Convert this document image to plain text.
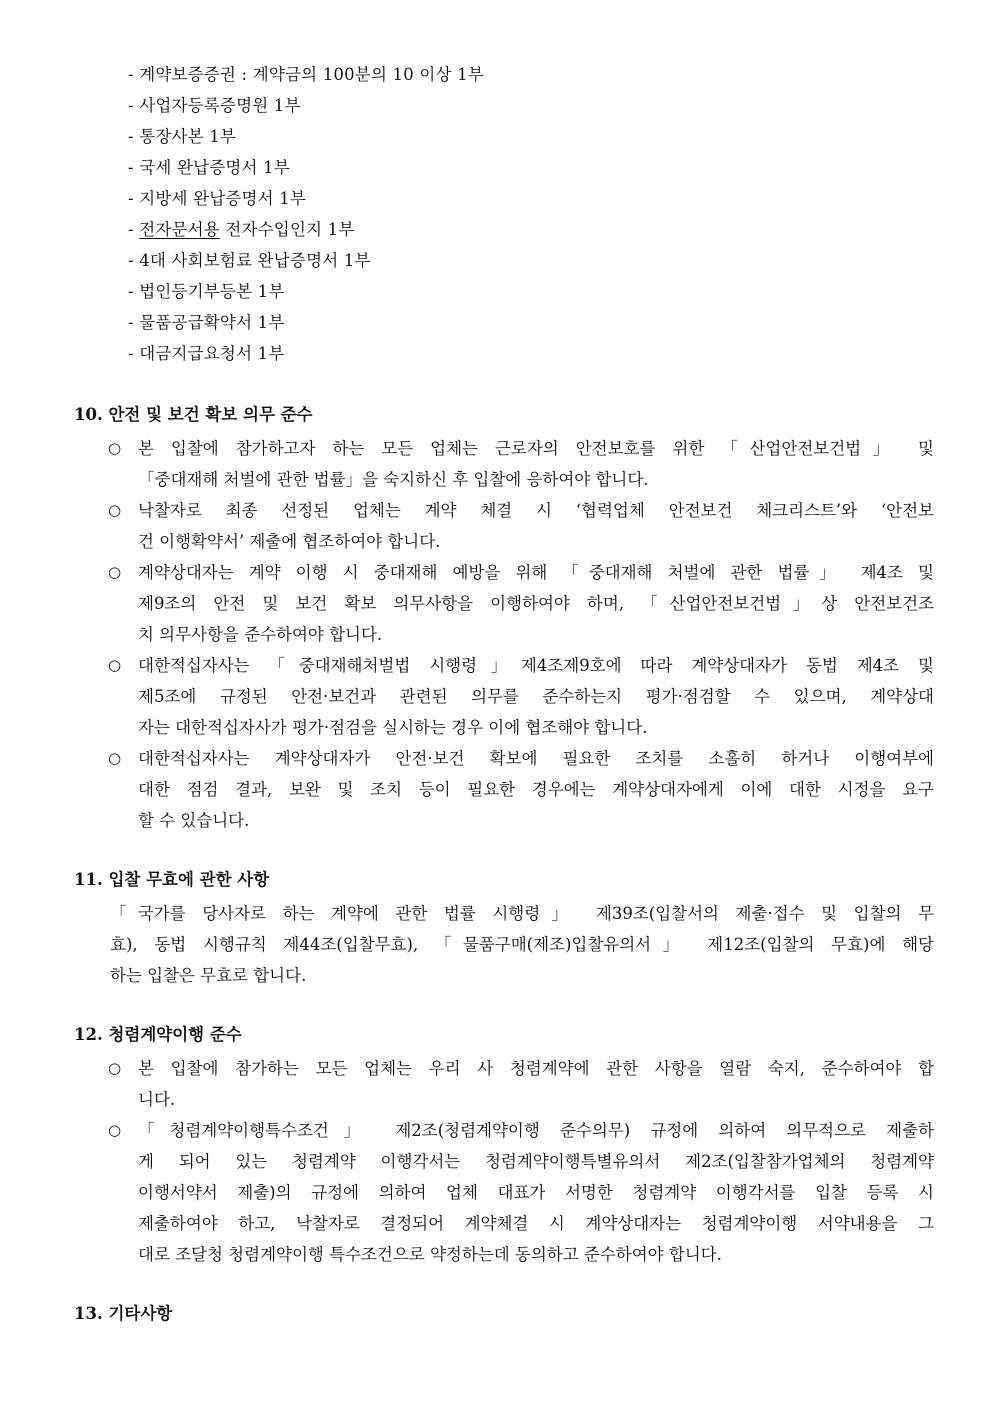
- 계약보증증권 : 계약금의 100분의 10 이상 1부
- 사업자등록증명원 1부
- 통장사본 1부
- 국세 완납증명서 1부
- 지방세 완납증명서 1부
- 전자문서용 전자수입인지 1부
- 4대 사회보험료 완납증명서 1부
- 법인등기부등본 1부
- 물품공급확약서 1부
- 대금지급요청서 1부
10. 안전 및 보건 확보 의무 준수
○ 본 입찰에 참가하고자 하는 모든 업체는 근로자의 안전보호를 위한 「산업안전보건법」 및
「중대재해 처벌에 관한 법률」을 숙지하신 후 입찰에 응하여야 합니다.
○ 낙찰자로 최종 선정된 업체는 계약 체결 시 ‘협력업체 안전보건 체크리스트’와 ‘안전보
건 이행확약서’ 제출에 협조하여야 합니다.
○ 계약상대자는 계약 이행 시 중대재해 예방을 위해 「중대재해 처벌에 관한 법률」 제4조 및
제9조의 안전 및 보건 확보 의무사항을 이행하여야 하며, 「산업안전보건법」상 안전보건조
치 의무사항을 준수하여야 합니다.
○ 대한적십자사는 「중대재해처벌법 시행령」제4조제9호에 따라 계약상대자가 동법 제4조 및
제5조에 규정된 안전·보건과 관련된 의무를 준수하는지 평가·점검할 수 있으며, 계약상대
자는 대한적십자사가 평가·점검을 실시하는 경우 이에 협조해야 합니다.
○ 대한적십자사는 계약상대자가 안전·보건 확보에 필요한 조치를 소홀히 하거나 이행여부에
대한 점검 결과, 보완 및 조치 등이 필요한 경우에는 계약상대자에게 이에 대한 시정을 요구
할 수 있습니다.
11. 입찰 무효에 관한 사항
「국가를 당사자로 하는 계약에 관한 법률 시행령」 제39조(입찰서의 제출·접수 및 입찰의 무
효), 동법 시행규칙 제44조(입찰무효), 「물품구매(제조)입찰유의서」 제12조(입찰의 무효)에 해당
하는 입찰은 무효로 합니다.
12. 청렴계약이행 준수
○ 본 입찰에 참가하는 모든 업체는 우리 사 청렴계약에 관한 사항을 열람 숙지, 준수하여야 합
니다.
○ 「청렴계약이행특수조건」 제2조(청렴계약이행 준수의무) 규정에 의하여 의무적으로 제출하
게 되어 있는 청렴계약 이행각서는 청렴계약이행특별유의서 제2조(입찰참가업체의 청렴계약
이행서약서 제출)의 규정에 의하여 업체 대표가 서명한 청렴계약 이행각서를 입찰 등록 시
제출하여야 하고, 낙찰자로 결정되어 계약체결 시 계약상대자는 청렴계약이행 서약내용을 그
대로 조달청 청렴계약이행 특수조건으로 약정하는데 동의하고 준수하여야 합니다.
13. 기타사항
